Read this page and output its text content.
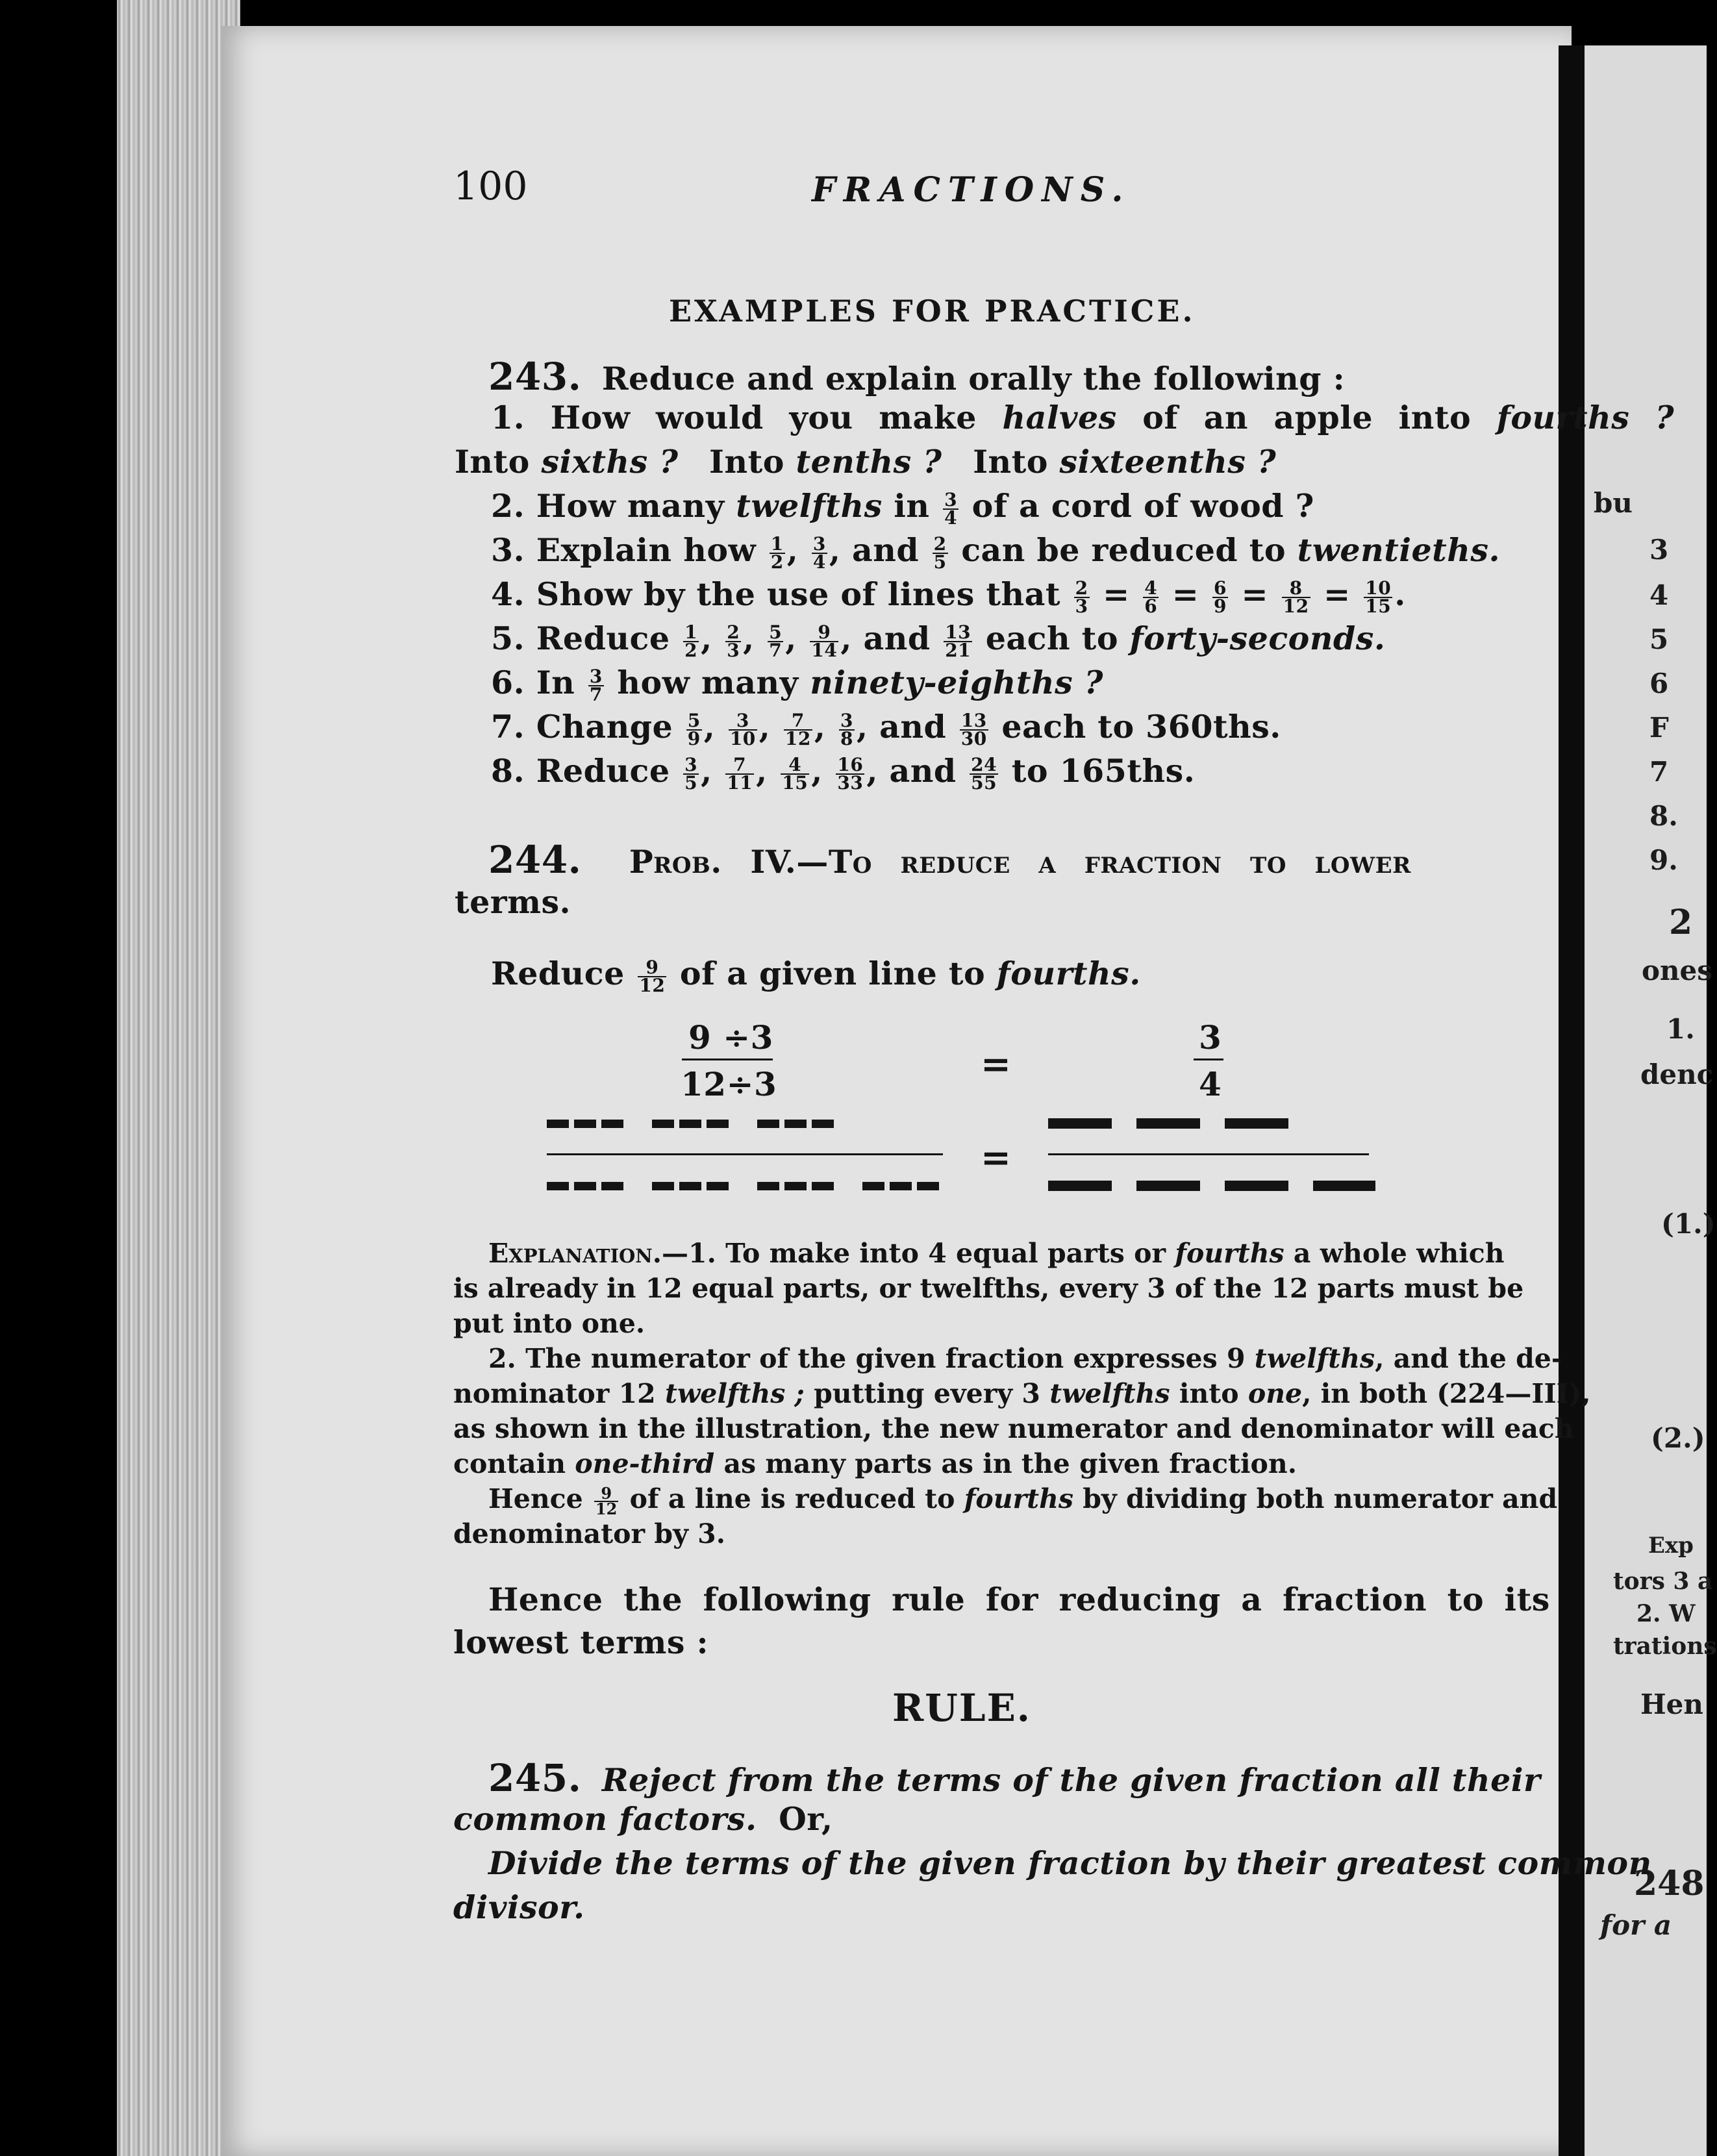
bu
3
4
5
6
F
7
8.
9.
2
ones
1.
denc
(1.)
(2.)
Exp
tors 3 a
2. W
trations
Hen
248
for a
100	FRACTIONS.
EXAMPLES FOR PRACTICE.
243. Reduce and explain orally the following :
1. How would you make halves of an apple into fourths ?
Into sixths ? Into tenths ? Into sixteenths ?
2. How many twelfths in $\frac{3}{4}$ of a cord of wood ?
3. Explain how $\frac{1}{2}$ , $\frac{3}{4}$ , and $\frac{2}{5}$ can be reduced to twentieths.
4. Show by the use of lines that $\frac{2}{3} = \frac{4}{6} = \frac{6}{9} = \frac{8}{12} = \frac{10}{15}$ .
5. Reduce $\frac{1}{2}$ , $\frac{2}{3}$ , $\frac{5}{7}$ , $\frac{9}{14}$ , and $\frac{13}{21}$ each to forty-seconds.
6. In $\frac{3}{7}$ how many ninety-eighths ?
7. Change $\frac{5}{9}$ , $\frac{3}{10}$ , $\frac{7}{12}$ , $\frac{3}{8}$ , and $\frac{13}{30}$ each to 360ths.
8. Reduce $\frac{3}{5}$ , $\frac{7}{11}$ , $\frac{4}{15}$ , $\frac{16}{33}$ , and $\frac{24}{55}$ to 165ths.
244. Prob. IV.—To reduce a fraction to lower
terms.
Reduce $\frac{9}{12}$ of a given line to fourths.
9 ÷3
12÷3	=
3
4
=
Explanation.—1. To make into 4 equal parts or fourths a whole which
is already in 12 equal parts, or twelfths, every 3 of the 12 parts must be
put into one.
2. The numerator of the given fraction expresses 9 twelfths, and the de-
nominator 12 twelfths ; putting every 3 twelfths into one, in both (224—III),
as shown in the illustration, the new numerator and denominator will each
contain one-third as many parts as in the given fraction.
Hence $\frac{9}{12}$ of a line is reduced to fourths by dividing both numerator and
denominator by 3.
Hence the following rule for reducing a fraction to its
lowest terms :
RULE.
245. Reject from the terms of the given fraction all their
common factors. Or,
Divide the terms of the given fraction by their greatest common
divisor.
